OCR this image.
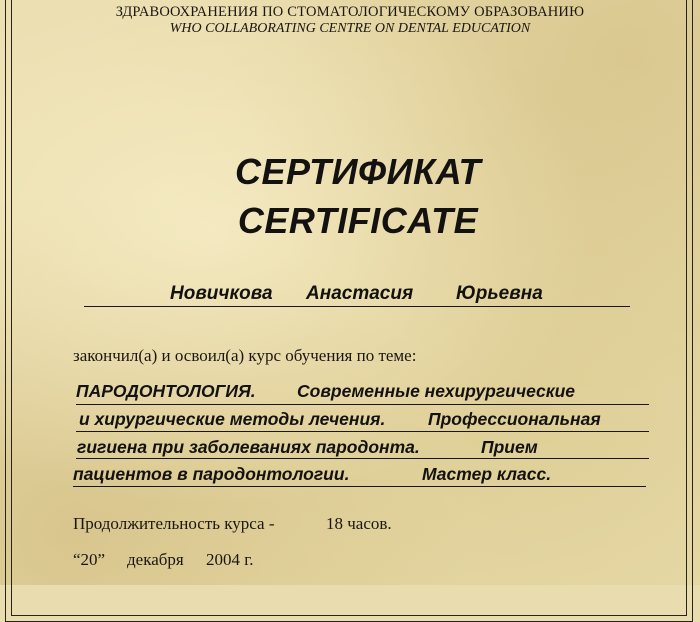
ЗДРАВООХРАНЕНИЯ ПО СТОМАТОЛОГИЧЕСКОМУ ОБРАЗОВАНИЮ
WHO COLLABORATING CENTRE ON DENTAL EDUCATION
СЕРТИФИКАТ
CERTIFICATE
Новичкова Анастасия Юрьевна
закончил(а) и освоил(а) курс обучения по теме:
ПАРОДОНТОЛОГИЯ. Современные нехирургические
и хирургические методы лечения. Профессиональная
гигиена при заболеваниях пародонта.	Прием
пациентов в пародонтологии.	Мастер класс.
Продолжительность курса -	18 часов.
“20” декабря 2004 г.
